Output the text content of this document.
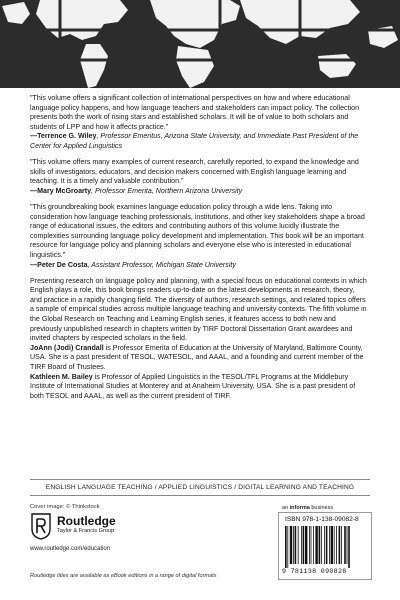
"This volume offers a significant collection of international perspectives on how and where educational language policy happens, and how language teachers and stakeholders can impact policy. The collection presents both the work of rising stars and established scholars. It will be of value to both scholars and students of LPP and how it affects practice."

—Terrence G. Wiley, Professor Emeritus, Arizona State University, and Immediate Past President of the Center for Applied Linguistics

"This volume offers many examples of current research, carefully reported, to expand the knowledge and skills of investigators, educators, and decision makers concerned with English language learning and teaching. It is a timely and valuable contribution."

—Mary McGroarty, Professor Emerita, Northern Arizona University

"This groundbreaking book examines language education policy through a wide lens. Taking into consideration how language teaching professionals, institutions, and other key stakeholders shape a broad range of educational issues, the editors and contributing authors of this volume lucidly illustrate the complexities surrounding language policy development and implementation. This book will be an important resource for language policy and planning scholars and everyone else who is interested in educational linguistics."

—Peter De Costa, Assistant Professor, Michigan State University

Presenting research on language policy and planning, with a special focus on educational contexts in which English plays a role, this book brings readers up-to-date on the latest developments in research, theory, and practice in a rapidly changing field. The diversity of authors, research settings, and related topics offers a sample of empirical studies across multiple language teaching and university contexts. The fifth volume in the Global Research on Teaching and Learning English series, it features access to both new and previously unpublished research in chapters written by TIRF Doctoral Dissertation Grant awardees and invited chapters by respected scholars in the field.

JoAnn (Jodi) Crandall is Professor Emerita of Education at the University of Maryland, Baltimore County, USA. She is a past president of TESOL, WATESOL, and AAAL, and a founding and current member of the TIRF Board of Trustees.

Kathleen M. Bailey is Professor of Applied Linguistics in the TESOL/TFL Programs at the Middlebury Institute of International Studies at Monterey and at Anaheim University, USA. She is a past president of both TESOL and AAAL, as well as the current president of TIRF.

ENGLISH LANGUAGE TEACHING / APPLIED LINGUISTICS / DIGITAL LEARNING AND TEACHING
Cover image: © Thinkstock
Routledge
Taylor & Francis Group
www.routledge.com/education
Routledge titles are available as eBook editions in a range of digital formats
an informa business
ISBN 978-1-138-09082-8
9 781138 090828
